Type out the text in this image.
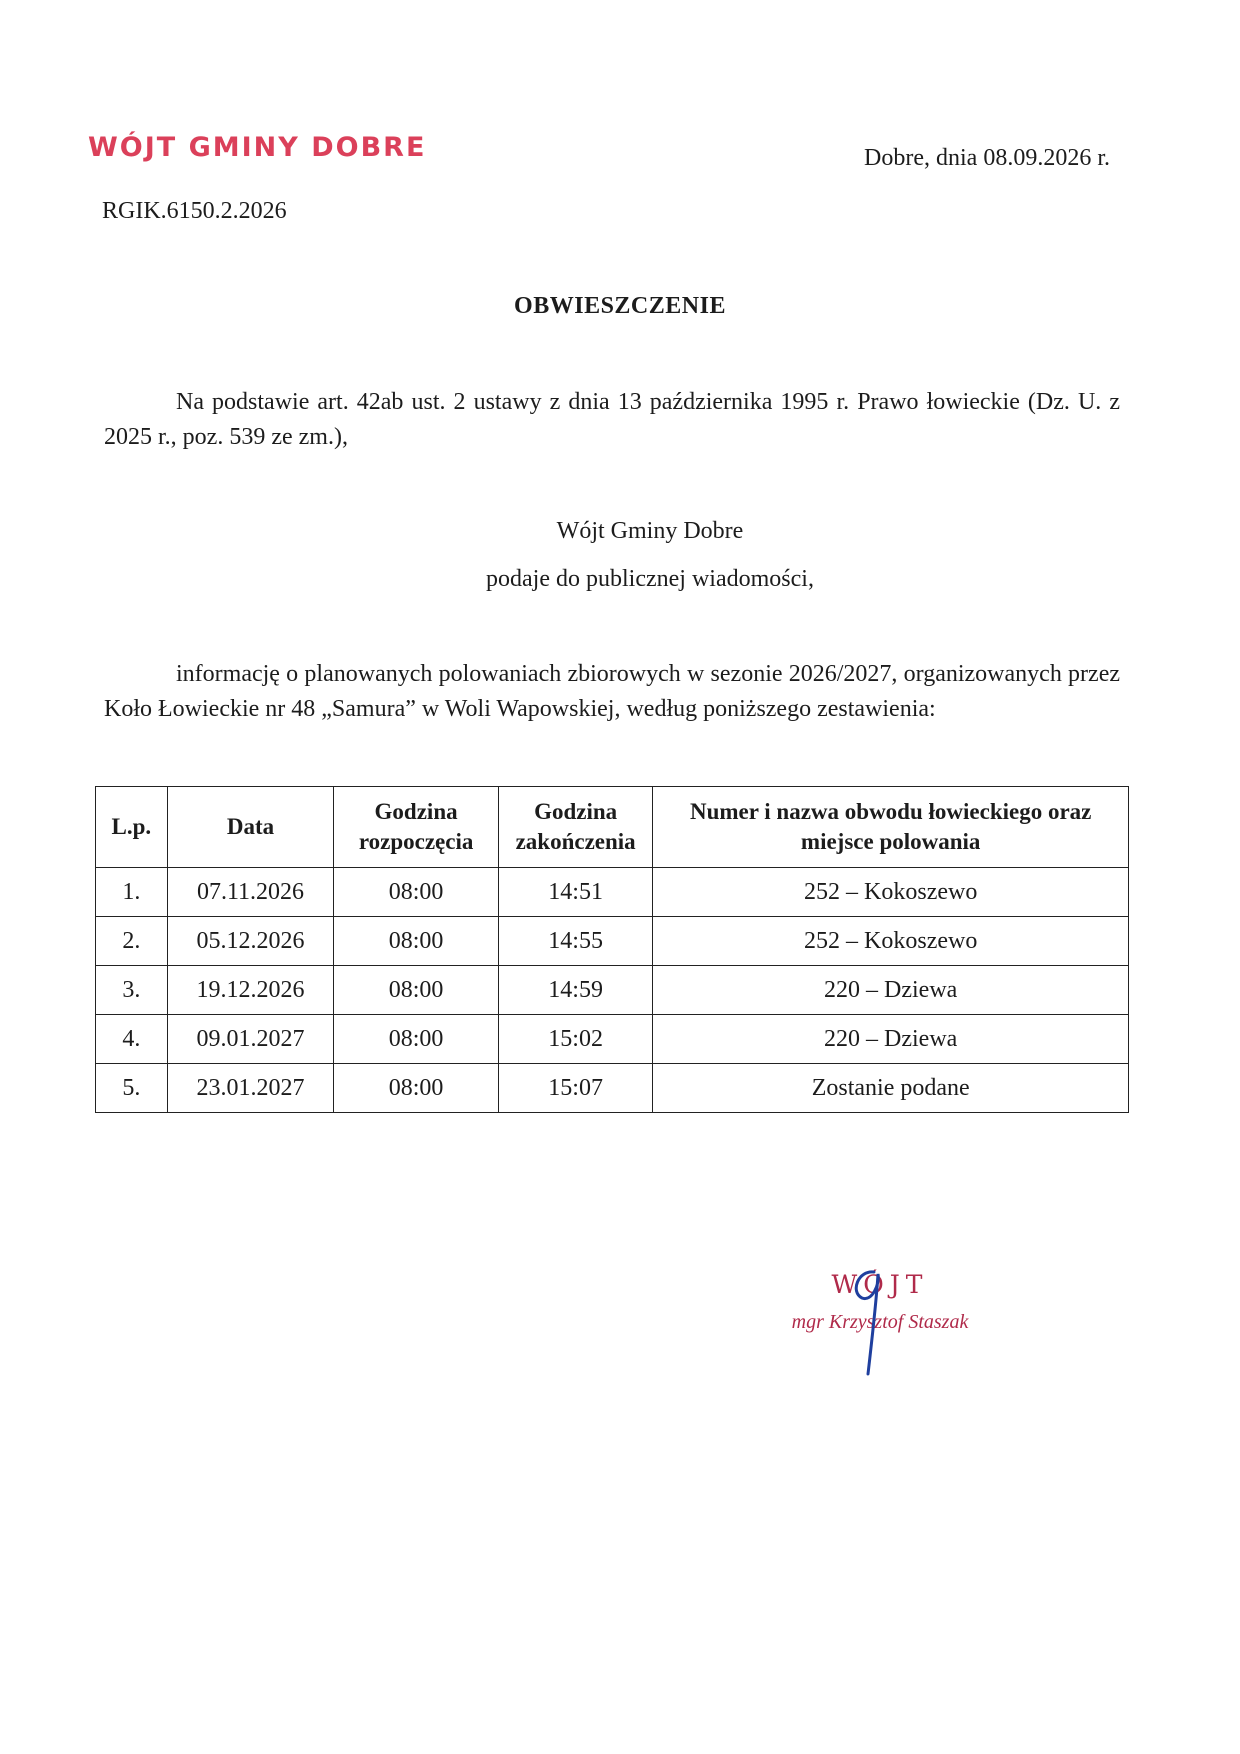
WÓJT GMINY DOBRE	Dobre, dnia 08.09.2026 r.
RGIK.6150.2.2026
OBWIESZCZENIE

Na podstawie art. 42ab ust. 2 ustawy z dnia 13 października 1995 r. Prawo łowieckie (Dz. U. z 2025 r., poz. 539 ze zm.),

Wójt Gminy Dobre
podaje do publicznej wiadomości,

informację o planowanych polowaniach zbiorowych w sezonie 2026/2027, organizowanych przez Koło Łowieckie nr 48 „Samura” w Woli Wapowskiej, według poniższego zestawienia:

L.p.	Data	Godzina rozpoczęcia	Godzina zakończenia	Numer i nazwa obwodu łowieckiego oraz miejsce polowania
1.	07.11.2026	08:00	14:51	252 – Kokoszewo
2.	05.12.2026	08:00	14:55	252 – Kokoszewo
3.	19.12.2026	08:00	14:59	220 – Dziewa
4.	09.01.2027	08:00	15:02	220 – Dziewa
5.	23.01.2027	08:00	15:07	Zostanie podane
WÓJT
mgr Krzysztof Staszak
